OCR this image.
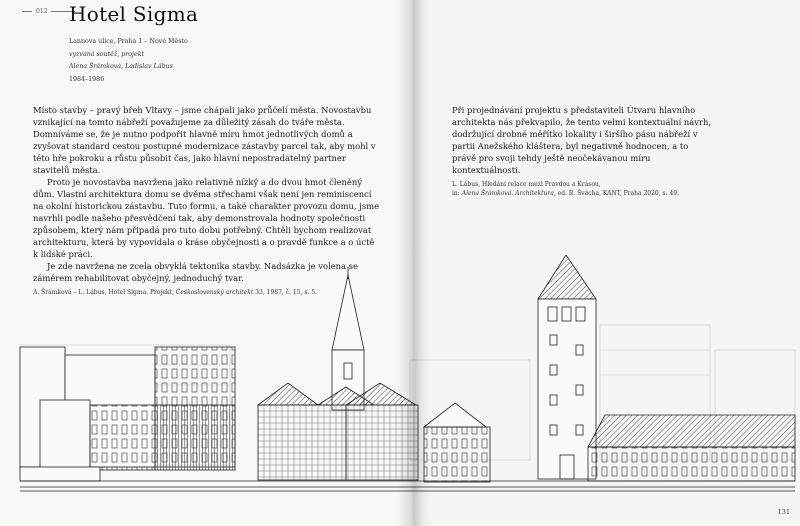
012 Hotel Sigma
Lannova ulice, Praha 1 – Nové Město
vyzvaná soutěž, projekt
Alena Šrámková, Ladislav Lábus
1984–1986

Místo stavby – pravý břeh Vltavy – jsme chápali jako průčelí města. Novostavbu vznikající na tomto nábřeží považujeme za důležitý zásah do tváře města. Domníváme se, že je nutno podpořit hlavně míru hmot jednotlivých domů a zvyšovat standard cestou postupné modernizace zástavby parcel tak, aby mohl v této hře pokroku a růstu působit čas, jako hlavní nepostradatelný partner stavitelů města.

Proto je novostavba navržena jako relativně nízký a do dvou hmot členěný dům. Vlastní architektura domu se dvěma střechami však není jen reminiscencí na okolní historickou zástavbu. Tuto formu, a také charakter provozu domu, jsme navrhli podle našeho přesvědčení tak, aby demonstrovala hodnoty společnosti způsobem, který nám připadá pro tuto dobu potřebný. Chtěli bychom realizovat architekturu, která by vypovídala o kráse obyčejnosti a o pravdě funkce a o úctě k lidské práci.

Je zde navržena ne zcela obvyklá tektonika stavby. Nadsázka je volena se záměrem rehabilitovat obyčejný, jednoduchý tvar.

A. Šrámková – L. Lábus, Hotel Sigma. Projekt, Československý architekt 33, 1987, č. 15, s. 5.

Při projednávání projektu s představiteli Útvaru hlavního architekta nás překvapilo, že tento velmi kontextuální návrh, dodržující drobné měřítko lokality i širšího pásu nábřeží v partii Anežského kláštera, byl negativně hodnocen, a to právě pro svoji tehdy ještě neočekávanou míru kontextuálnosti.

L. Lábus, Hledání relace mezi Pravdou a Krásou,
in: Alena Šrámková. Architektura, ed. R. Švácha, KANT, Praha 2020, s. 49.
131
